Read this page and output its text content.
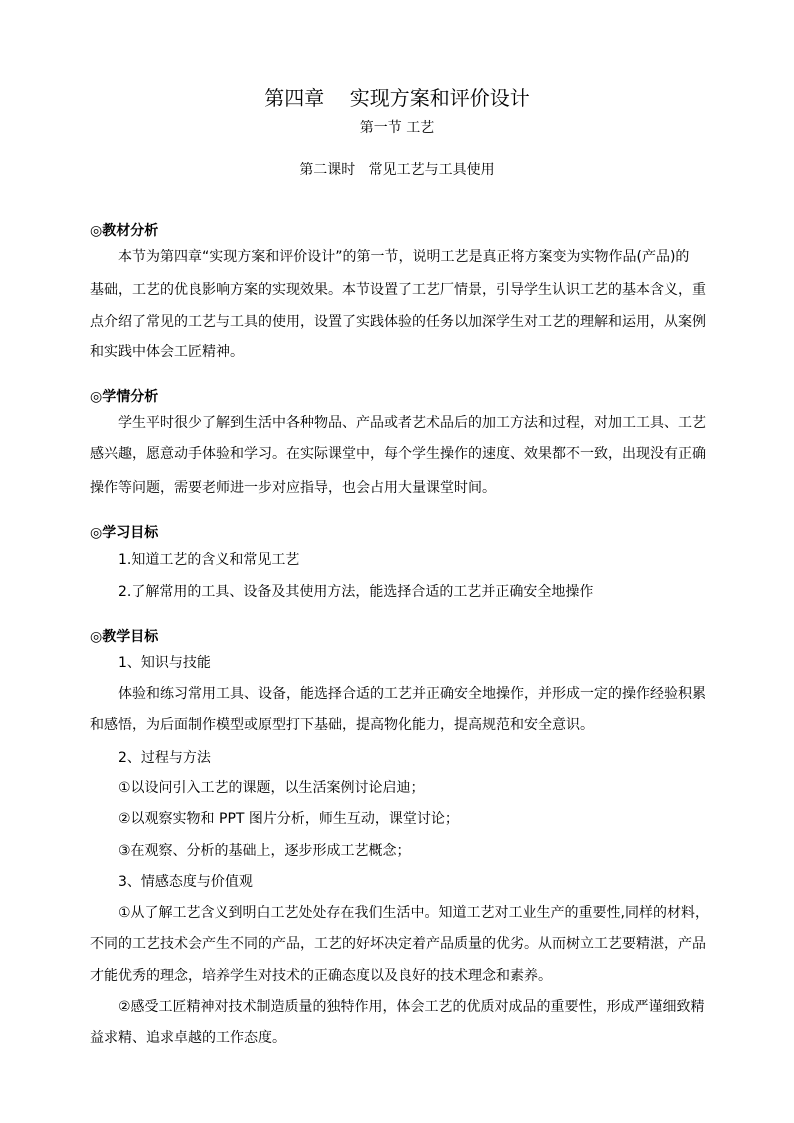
第四章    实现方案和评价设计
第一节 工艺
第二课时   常见工艺与工具使用
◎教材分析
本节为第四章“实现方案和评价设计”的第一节，说明工艺是真正将方案变为实物作品(产品)的
基础，工艺的优良影响方案的实现效果。本节设置了工艺厂情景，引导学生认识工艺的基本含义，重
点介绍了常见的工艺与工具的使用，设置了实践体验的任务以加深学生对工艺的理解和运用，从案例
和实践中体会工匠精神。
◎学情分析
学生平时很少了解到生活中各种物品、产品或者艺术品后的加工方法和过程，对加工工具、工艺
感兴趣，愿意动手体验和学习。在实际课堂中，每个学生操作的速度、效果都不一致，出现没有正确
操作等问题，需要老师进一步对应指导，也会占用大量课堂时间。
◎学习目标
1.知道工艺的含义和常见工艺
2.了解常用的工具、设备及其使用方法，能选择合适的工艺并正确安全地操作
◎教学目标
1、知识与技能
体验和练习常用工具、设备，能选择合适的工艺并正确安全地操作，并形成一定的操作经验积累
和感悟，为后面制作模型或原型打下基础，提高物化能力，提高规范和安全意识。
2、过程与方法
①以设问引入工艺的课题，以生活案例讨论启迪；
②以观察实物和 PPT 图片分析，师生互动，课堂讨论；
③在观察、分析的基础上，逐步形成工艺概念；
3、情感态度与价值观
①从了解工艺含义到明白工艺处处存在我们生活中。知道工艺对工业生产的重要性,同样的材料，
不同的工艺技术会产生不同的产品，工艺的好坏决定着产品质量的优劣。从而树立工艺要精湛，产品
才能优秀的理念，培养学生对技术的正确态度以及良好的技术理念和素养。
②感受工匠精神对技术制造质量的独特作用，体会工艺的优质对成品的重要性，形成严谨细致精
益求精、追求卓越的工作态度。
